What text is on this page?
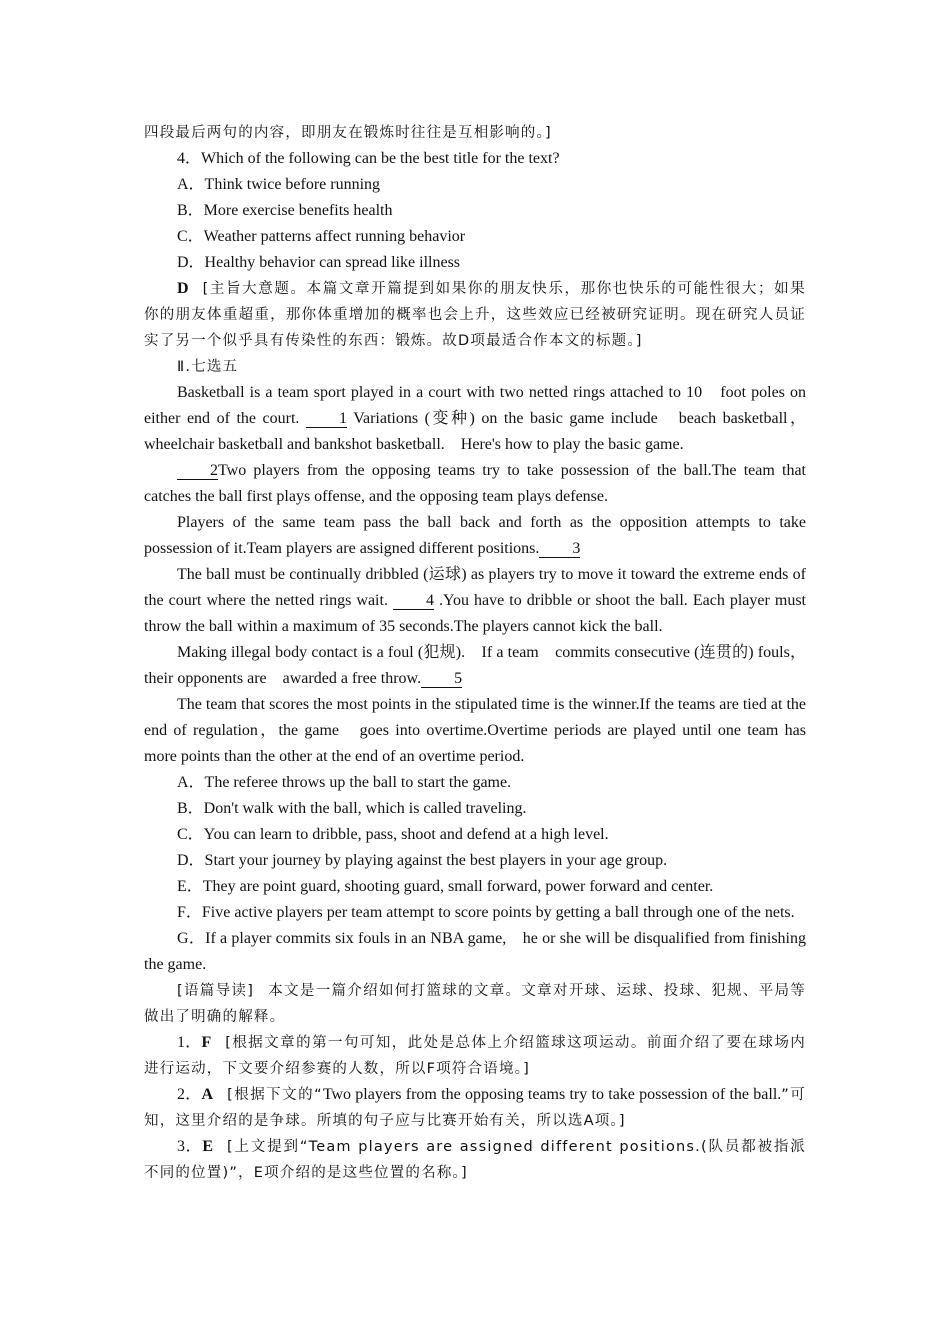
四段最后两句的内容，即朋友在锻炼时往往是互相影响的。]

4．Which of the following can be the best title for the text?

A．Think twice before running

B．More exercise benefits health

C．Weather patterns affect running behavior

D．Healthy behavior can spread like illness

D [主旨大意题。本篇文章开篇提到如果你的朋友快乐，那你也快乐的可能性很大；如果你的朋友体重超重，那你体重增加的概率也会上升，这些效应已经被研究证明。现在研究人员证实了另一个似乎具有传染性的东西：锻炼。故D项最适合作本文的标题。]

Ⅱ.七选五

Basketball is a team sport played in a court with two netted rings attached to 10　foot poles on either end of the court. 1 Variations (变种) on the basic game include　beach basketball，wheelchair basketball and bankshot basketball.　Here's how to play the basic game.

2Two players from the opposing teams try to take possession of the ball.The team that catches the ball first plays offense, and the opposing team plays defense.

Players of the same team pass the ball back and forth as the opposition attempts to take possession of it.Team players are assigned different positions. 3

The ball must be continually dribbled (运球) as players try to move it toward the extreme ends of the court where the netted rings wait. 4 .You have to dribble or shoot the ball. Each player must throw the ball within a maximum of 35 seconds.The players cannot kick the ball.

Making illegal body contact is a foul (犯规).　If a team　commits consecutive (连贯的) fouls，their opponents are　awarded a free throw. 5

The team that scores the most points in the stipulated time is the winner.If the teams are tied at the end of regulation，the game　goes into overtime.Overtime periods are played until one team has more points than the other at the end of an overtime period.

A．The referee throws up the ball to start the game.

B．Don't walk with the ball, which is called traveling.

C．You can learn to dribble, pass, shoot and defend at a high level.

D．Start your journey by playing against the best players in your age group.

E．They are point guard, shooting guard, small forward, power forward and center.

F．Five active players per team attempt to score points by getting a ball through one of the nets.

G．If a player commits six fouls in an NBA game,　he or she will be disqualified from finishing the game.

[语篇导读] 本文是一篇介绍如何打篮球的文章。文章对开球、运球、投球、犯规、平局等做出了明确的解释。

1．F [根据文章的第一句可知，此处是总体上介绍篮球这项运动。前面介绍了要在球场内进行运动，下文要介绍参赛的人数，所以F项符合语境。]

2．A [根据下文的“Two players from the opposing teams try to take possession of the ball.”可知，这里介绍的是争球。所填的句子应与比赛开始有关，所以选A项。]

3．E [上文提到“Team players are assigned different positions.(队员都被指派不同的位置)”，E项介绍的是这些位置的名称。]
